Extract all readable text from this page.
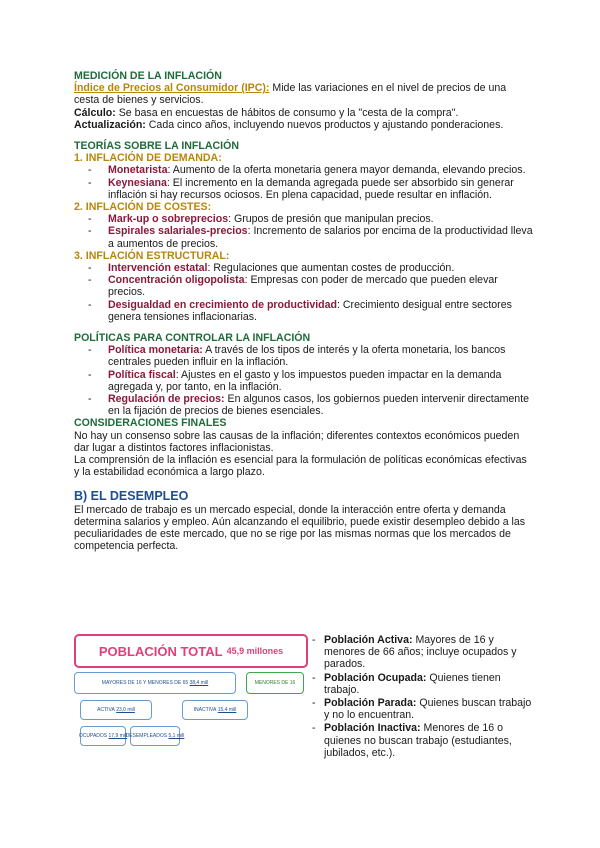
MEDICIÓN DE LA INFLACIÓN

Índice de Precios al Consumidor (IPC): Mide las variaciones en el nivel de precios de una cesta de bienes y servicios.

Cálculo: Se basa en encuestas de hábitos de consumo y la "cesta de la compra".

Actualización: Cada cinco años, incluyendo nuevos productos y ajustando ponderaciones.

TEORÍAS SOBRE LA INFLACIÓN

1. INFLACIÓN DE DEMANDA:

- Monetarista: Aumento de la oferta monetaria genera mayor demanda, elevando precios.
- Keynesiana: El incremento en la demanda agregada puede ser absorbido sin generar inflación si hay recursos ociosos. En plena capacidad, puede resultar en inflación.

2. INFLACIÓN DE COSTES:

- Mark-up o sobreprecios: Grupos de presión que manipulan precios.
- Espirales salariales-precios: Incremento de salarios por encima de la productividad lleva a aumentos de precios.

3. INFLACIÓN ESTRUCTURAL:

- Intervención estatal: Regulaciones que aumentan costes de producción.
- Concentración oligopolista: Empresas con poder de mercado que pueden elevar precios.
- Desigualdad en crecimiento de productividad: Crecimiento desigual entre sectores genera tensiones inflacionarias.

POLÍTICAS PARA CONTROLAR LA INFLACIÓN

- Política monetaria: A través de los tipos de interés y la oferta monetaria, los bancos centrales pueden influir en la inflación.
- Política fiscal: Ajustes en el gasto y los impuestos pueden impactar en la demanda agregada y, por tanto, en la inflación.
- Regulación de precios: En algunos casos, los gobiernos pueden intervenir directamente en la fijación de precios de bienes esenciales.

CONSIDERACIONES FINALES

No hay un consenso sobre las causas de la inflación; diferentes contextos económicos pueden dar lugar a distintos factores inflacionistas.

La comprensión de la inflación es esencial para la formulación de políticas económicas efectivas y la estabilidad económica a largo plazo.

B) EL DESEMPLEO

El mercado de trabajo es un mercado especial, donde la interacción entre oferta y demanda determina salarios y empleo. Aún alcanzando el equilibrio, puede existir desempleo debido a las peculiaridades de este mercado, que no se rige por las mismas normas que los mercados de competencia perfecta.

POBLACIÓN TOTAL 45,9 millones
MAYORES DE 16 Y MENORES DE 65
38,4 mill	MENORES DE 16
ACTIVA
23,0 mill	INACTIVA
15,4 mill
OCUPADOS
17,9 mill
DESEMPLEADOS
5,1 mill
- Población Activa: Mayores de 16 y menores de 66 años; incluye ocupados y parados.
- Población Ocupada: Quienes tienen trabajo.
- Población Parada: Quienes buscan trabajo y no lo encuentran.
- Población Inactiva: Menores de 16 o quienes no buscan trabajo (estudiantes, jubilados, etc.).
